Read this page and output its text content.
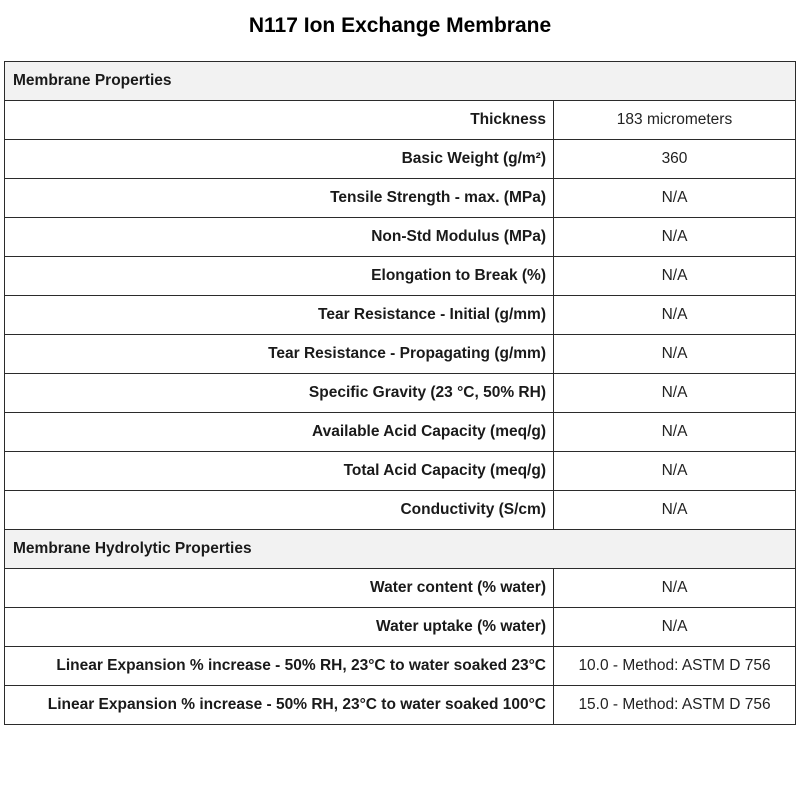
N117 Ion Exchange Membrane
Membrane Properties	
Thickness	183 micrometers
Basic Weight (g/m²)	360
Tensile Strength - max. (MPa)	N/A
Non-Std Modulus (MPa)	N/A
Elongation to Break (%)	N/A
Tear Resistance - Initial (g/mm)	N/A
Tear Resistance - Propagating (g/mm)	N/A
Specific Gravity (23 °C, 50% RH)	N/A
Available Acid Capacity (meq/g)	N/A
Total Acid Capacity (meq/g)	N/A
Conductivity (S/cm)	N/A
Membrane Hydrolytic Properties	
Water content (% water)	N/A
Water uptake (% water)	N/A
Linear Expansion % increase - 50% RH, 23°C to water soaked 23°C	10.0 - Method: ASTM D 756
Linear Expansion % increase - 50% RH, 23°C to water soaked 100°C	15.0 - Method: ASTM D 756
